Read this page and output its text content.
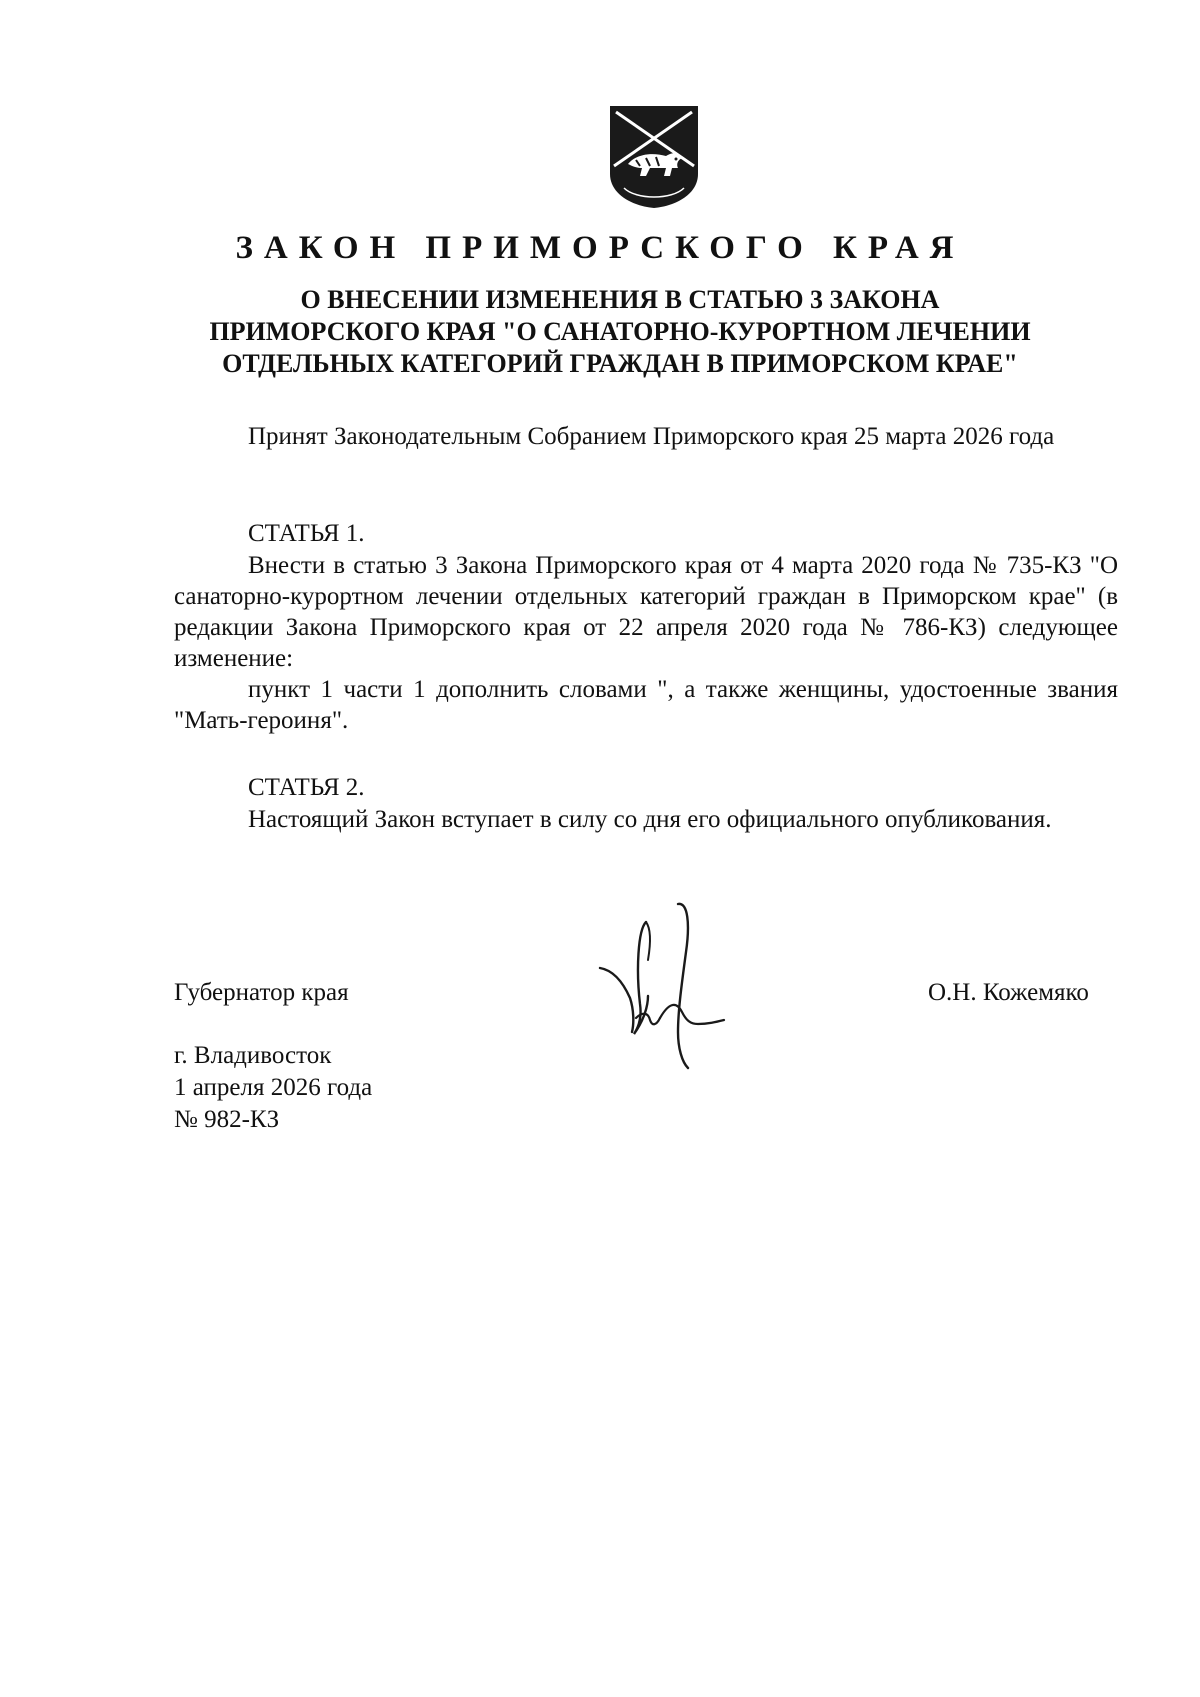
ЗАКОН ПРИМОРСКОГО КРАЯ
О ВНЕСЕНИИ ИЗМЕНЕНИЯ В СТАТЬЮ 3 ЗАКОНА
ПРИМОРСКОГО КРАЯ "О САНАТОРНО-КУРОРТНОМ ЛЕЧЕНИИ
ОТДЕЛЬНЫХ КАТЕГОРИЙ ГРАЖДАН В ПРИМОРСКОМ КРАЕ"
Принят Законодательным Собранием Приморского края 25 марта 2026 года
СТАТЬЯ 1.
Внести в статью 3 Закона Приморского края от 4 марта 2020 года № 735-КЗ "О санаторно-курортном лечении отдельных категорий граждан в Приморском крае" (в редакции Закона Приморского края от 22 апреля 2020 года № 786-КЗ) следующее изменение:
пункт 1 части 1 дополнить словами ", а также женщины, удостоенные звания "Мать-героиня".
СТАТЬЯ 2.
Настоящий Закон вступает в силу со дня его официального опубликования.
Губернатор края	О.Н. Кожемяко
г. Владивосток
1 апреля 2026 года
№ 982-КЗ
